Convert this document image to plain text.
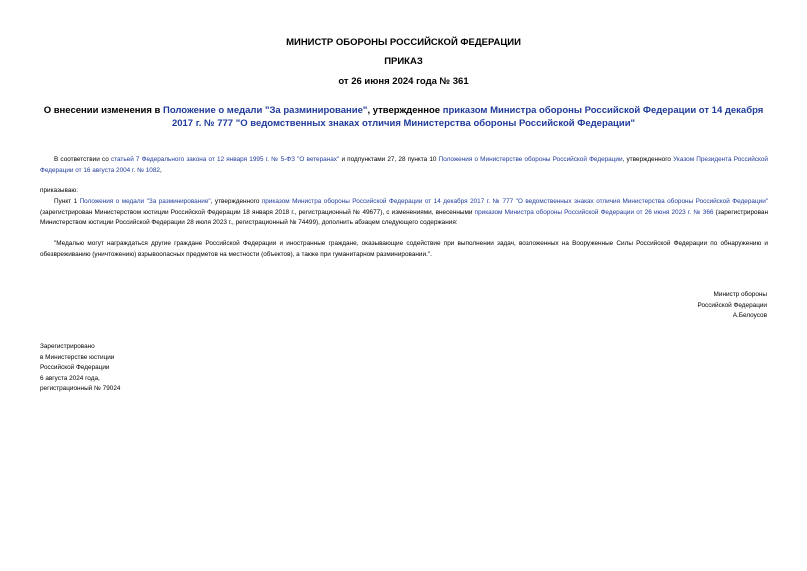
МИНИСТР ОБОРОНЫ РОССИЙСКОЙ ФЕДЕРАЦИИ
ПРИКАЗ
от 26 июня 2024 года № 361
О внесении изменения в Положение о медали "За разминирование", утвержденное приказом Министра обороны Российской Федерации от 14 декабря 2017 г. № 777 "О ведомственных знаках отличия Министерства обороны Российской Федерации"
В соответствии со статьей 7 Федерального закона от 12 января 1995 г. № 5-ФЗ "О ветеранах" и подпунктами 27, 28 пункта 10 Положения о Министерстве обороны Российской Федерации, утвержденного Указом Президента Российской Федерации от 16 августа 2004 г. № 1082,
приказываю:
Пункт 1 Положения о медали "За разминирование", утвержденного приказом Министра обороны Российской Федерации от 14 декабря 2017 г. № 777 "О ведомственных знаках отличия Министерства обороны Российской Федерации" (зарегистрирован Министерством юстиции Российской Федерации 18 января 2018 г., регистрационный № 49677), с изменениями, внесенными приказом Министра обороны Российской Федерации от 26 июня 2023 г. № 366 (зарегистрирован Министерством юстиции Российской Федерации 28 июля 2023 г., регистрационный № 74499), дополнить абзацем следующего содержания:
"Медалью могут награждаться другие граждане Российской Федерации и иностранные граждане, оказывающие содействие при выполнении задач, возложенных на Вооруженные Силы Российской Федерации по обнаружению и обезвреживанию (уничтожению) взрывоопасных предметов на местности (объектов), а также при гуманитарном разминировании.".
Министр обороны
Российской Федерации
А.Белоусов
Зарегистрировано
в Министерстве юстиции
Российской Федерации
6 августа 2024 года,
регистрационный № 79024
